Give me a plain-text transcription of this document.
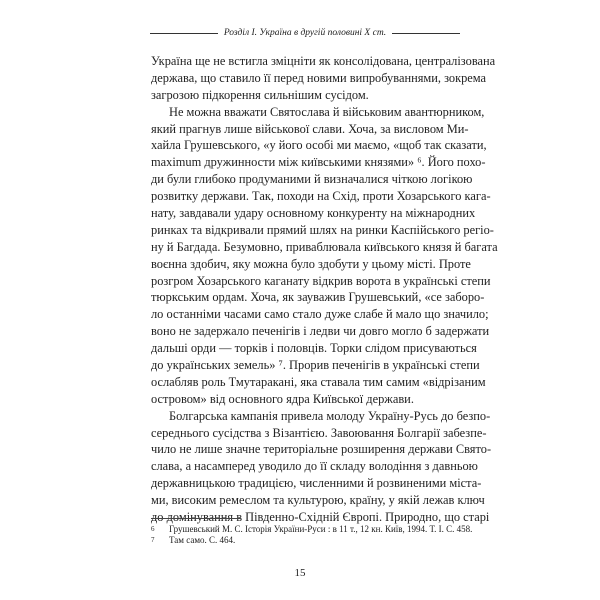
Розділ І. Україна в другій половині Х ст.
Україна ще не встигла зміцніти як консолідована, централізована
держава, що ставило її перед новими випробуваннями, зокрема
загрозою підкорення сильнішим сусідом.
Не можна вважати Святослава й військовим авантюрником,
який прагнув лише військової слави. Хоча, за висловом Ми-
хайла Грушевського, «у його особі ми маємо, «щоб так сказати,
maximum дружинности між київськими князями» ⁶. Його похо-
ди були глибоко продуманими й визначалися чіткою логікою
розвитку держави. Так, походи на Схід, проти Хозарського кага-
нату, завдавали удару основному конкуренту на міжнародних
ринках та відкривали прямий шлях на ринки Каспійського регіо-
ну й Багдада. Безумовно, приваблювала київського князя й багата
воєнна здобич, яку можна було здобути у цьому місті. Проте
розгром Хозарського каганату відкрив ворота в українські степи
тюркським ордам. Хоча, як зауважив Грушевський, «се заборо-
ло останніми часами само стало дуже слабе й мало що значило;
воно не задержало печенігів і ледви чи довго могло б задержати
дальші орди — торків і половців. Торки слідом присуваються
до українських земель» ⁷. Прорив печенігів в українські степи
ослабляв роль Тмутаракані, яка ставала тим самим «відрізаним
островом» від основного ядра Київської держави.
Болгарська кампанія привела молоду Україну-Русь до безпо-
середнього сусідства з Візантією. Завоювання Болгарії забезпе-
чило не лише значне територіальне розширення держави Свято-
слава, а насамперед уводило до її складу володіння з давньою
державницькою традицією, численними й розвиненими міста-
ми, високим ремеслом та культурою, країну, у якій лежав ключ
до домінування в Південно-Східній Європі. Природно, що старі
6 Грушевський М. С. Історія України-Руси : в 11 т., 12 кн. Київ, 1994. Т. І. С. 458.
7 Там само. С. 464.
15
